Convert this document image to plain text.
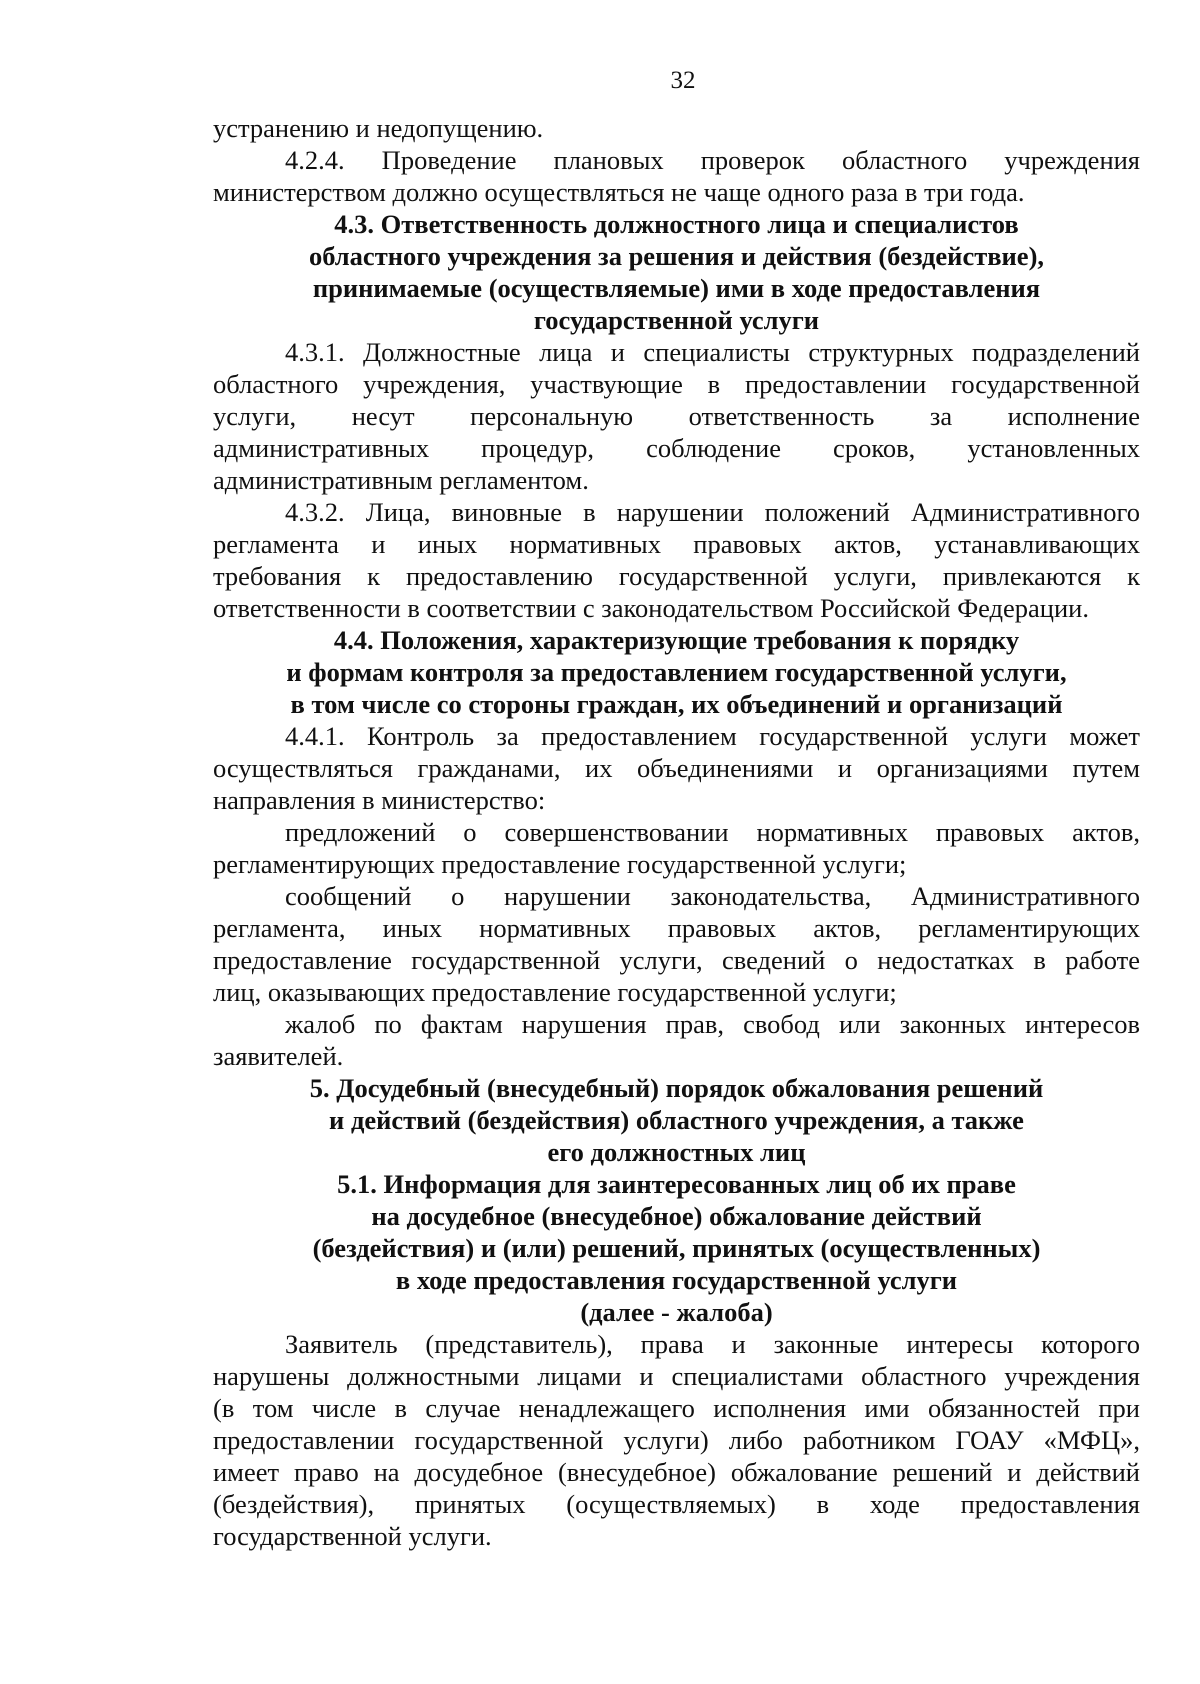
32
устранению и недопущению.
4.2.4. Проведение плановых проверок областного учреждения
министерством должно осуществляться не чаще одного раза в три года.
4.3. Ответственность должностного лица и специалистов
областного учреждения за решения и действия (бездействие),
принимаемые (осуществляемые) ими в ходе предоставления
государственной услуги
4.3.1. Должностные лица и специалисты структурных подразделений
областного учреждения, участвующие в предоставлении государственной
услуги, несут персональную ответственность за исполнение
административных процедур, соблюдение сроков, установленных
административным регламентом.
4.3.2. Лица, виновные в нарушении положений Административного
регламента и иных нормативных правовых актов, устанавливающих
требования к предоставлению государственной услуги, привлекаются к
ответственности в соответствии с законодательством Российской Федерации.
4.4. Положения, характеризующие требования к порядку
и формам контроля за предоставлением государственной услуги,
в том числе со стороны граждан, их объединений и организаций
4.4.1. Контроль за предоставлением государственной услуги может
осуществляться гражданами, их объединениями и организациями путем
направления в министерство:
предложений о совершенствовании нормативных правовых актов,
регламентирующих предоставление государственной услуги;
сообщений о нарушении законодательства, Административного
регламента, иных нормативных правовых актов, регламентирующих
предоставление государственной услуги, сведений о недостатках в работе
лиц, оказывающих предоставление государственной услуги;
жалоб по фактам нарушения прав, свобод или законных интересов
заявителей.
5. Досудебный (внесудебный) порядок обжалования решений
и действий (бездействия) областного учреждения, а также
его должностных лиц
5.1. Информация для заинтересованных лиц об их праве
на досудебное (внесудебное) обжалование действий
(бездействия) и (или) решений, принятых (осуществленных)
в ходе предоставления государственной услуги
(далее - жалоба)
Заявитель (представитель), права и законные интересы которого
нарушены должностными лицами и специалистами областного учреждения
(в том числе в случае ненадлежащего исполнения ими обязанностей при
предоставлении государственной услуги) либо работником ГОАУ «МФЦ»,
имеет право на досудебное (внесудебное) обжалование решений и действий
(бездействия), принятых (осуществляемых) в ходе предоставления
государственной услуги.
